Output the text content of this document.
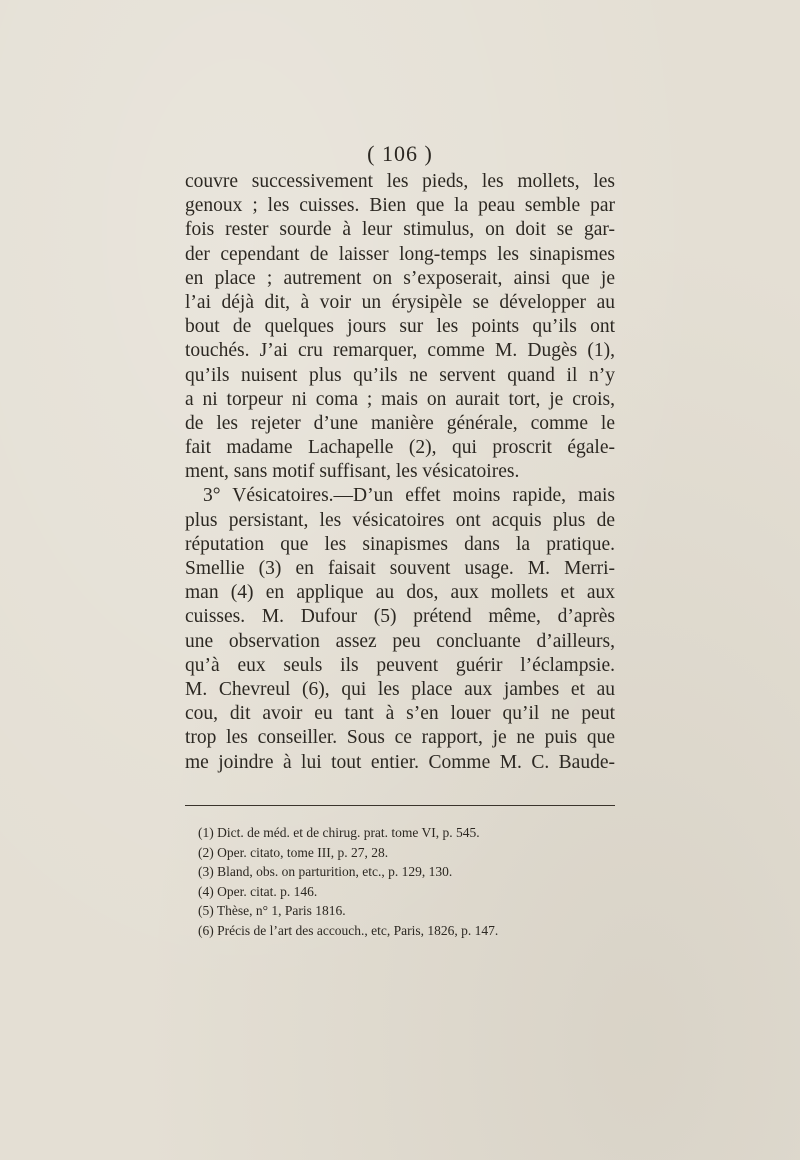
( 106 )
couvre successivement les pieds, les mollets, les
genoux ; les cuisses. Bien que la peau semble par
fois rester sourde à leur stimulus, on doit se gar-
der cependant de laisser long-temps les sinapismes
en place ; autrement on s’exposerait, ainsi que je
l’ai déjà dit, à voir un érysipèle se développer au
bout de quelques jours sur les points qu’ils ont
touchés. J’ai cru remarquer, comme M. Dugès (1),
qu’ils nuisent plus qu’ils ne servent quand il n’y
a ni torpeur ni coma ; mais on aurait tort, je crois,
de les rejeter d’une manière générale, comme le
fait madame Lachapelle (2), qui proscrit égale-
ment, sans motif suffisant, les vésicatoires.
3° Vésicatoires.—D’un effet moins rapide, mais
plus persistant, les vésicatoires ont acquis plus de
réputation que les sinapismes dans la pratique.
Smellie (3) en faisait souvent usage. M. Merri-
man (4) en applique au dos, aux mollets et aux
cuisses. M. Dufour (5) prétend même, d’après
une observation assez peu concluante d’ailleurs,
qu’à eux seuls ils peuvent guérir l’éclampsie.
M. Chevreul (6), qui les place aux jambes et au
cou, dit avoir eu tant à s’en louer qu’il ne peut
trop les conseiller. Sous ce rapport, je ne puis que
me joindre à lui tout entier. Comme M. C. Baude-
(1) Dict. de méd. et de chirug. prat. tome VI, p. 545.
(2) Oper. citato, tome III, p. 27, 28.
(3) Bland, obs. on parturition, etc., p. 129, 130.
(4) Oper. citat. p. 146.
(5) Thèse, n° 1, Paris 1816.
(6) Précis de l’art des accouch., etc, Paris, 1826, p. 147.
